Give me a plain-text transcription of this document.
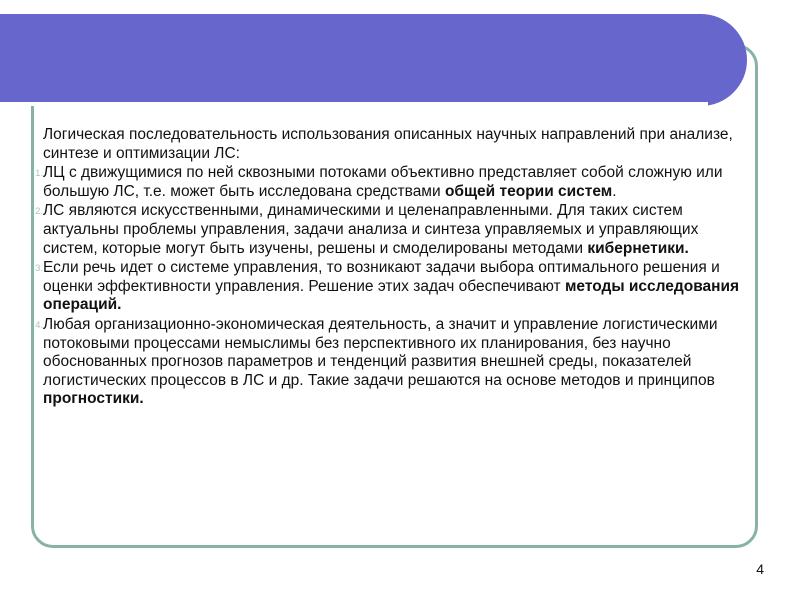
Логическая последовательность использования описанных научных направлений при анализе, синтезе и оптимизации ЛС:
1. ЛЦ с движущимися по ней сквозными потоками объективно представляет собой сложную или большую ЛС, т.е. может быть исследована средствами общей теории систем.
2. ЛС являются искусственными, динамическими и целенаправленными. Для таких систем актуальны проблемы управления, задачи анализа и синтеза управляемых и управляющих систем, которые могут быть изучены, решены и смоделированы методами кибернетики.
3. Если речь идет о системе управления, то возникают задачи выбора оптимального решения и оценки эффективности управления. Решение этих задач обеспечивают методы исследования операций.
4. Любая организационно-экономическая деятельность, а значит и управление логистическими потоковыми процессами немыслимы без перспективного их планирования, без научно обоснованных прогнозов параметров и тенденций развития внешней среды, показателей логистических процессов в ЛС и др. Такие задачи решаются на основе методов и принципов прогностики.
4
